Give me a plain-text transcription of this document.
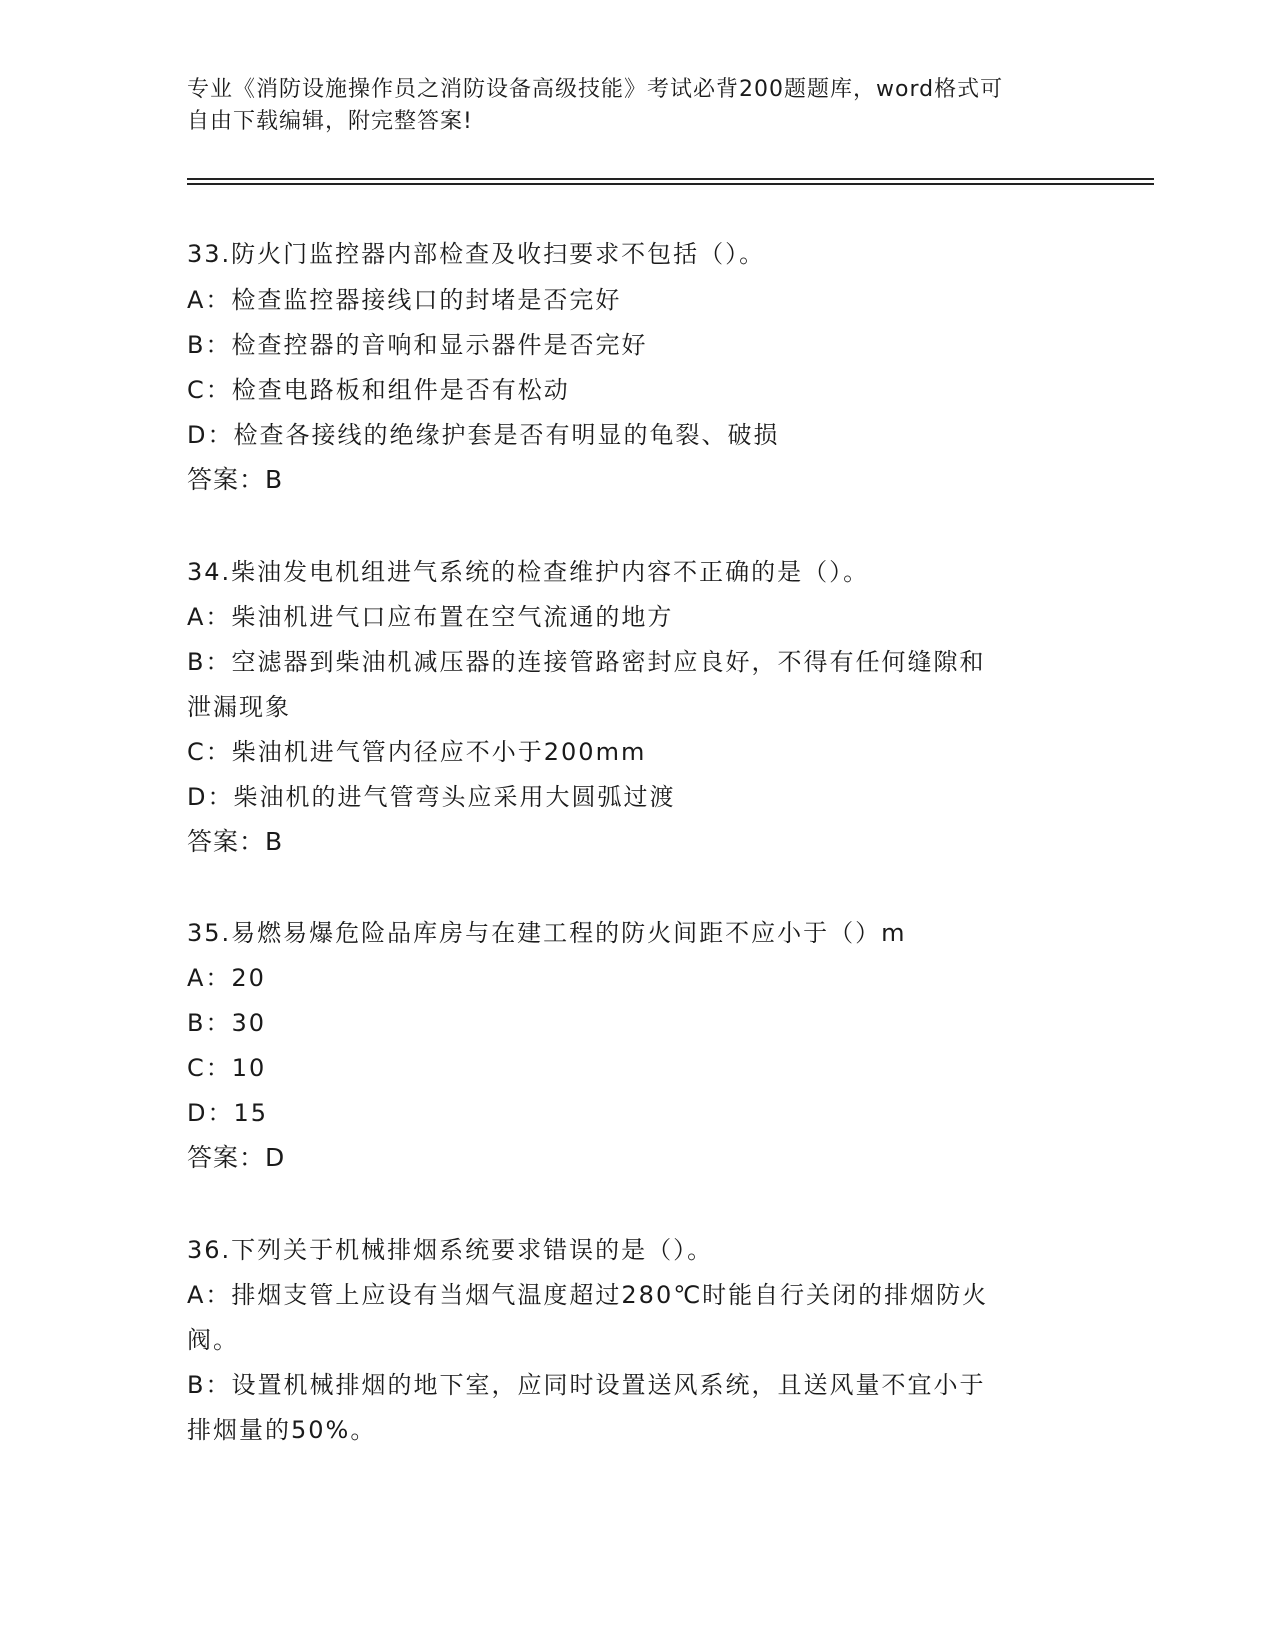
专业《消防设施操作员之消防设备高级技能》考试必背200题题库，word格式可
自由下载编辑，附完整答案!
33.防火门监控器内部检查及收扫要求不包括（）。
A：检查监控器接线口的封堵是否完好
B：检查控器的音响和显示器件是否完好
C：检查电路板和组件是否有松动
D：检查各接线的绝缘护套是否有明显的龟裂、破损
答案：B
34.柴油发电机组进气系统的检查维护内容不正确的是（）。
A：柴油机进气口应布置在空气流通的地方
B：空滤器到柴油机减压器的连接管路密封应良好，不得有任何缝隙和
泄漏现象
C：柴油机进气管内径应不小于200mm
D：柴油机的进气管弯头应采用大圆弧过渡
答案：B
35.易燃易爆危险品库房与在建工程的防火间距不应小于（）m
A：20
B：30
C：10
D：15
答案：D
36.下列关于机械排烟系统要求错误的是（）。
A：排烟支管上应设有当烟气温度超过280℃时能自行关闭的排烟防火
阀。
B：设置机械排烟的地下室，应同时设置送风系统，且送风量不宜小于
排烟量的50%。
